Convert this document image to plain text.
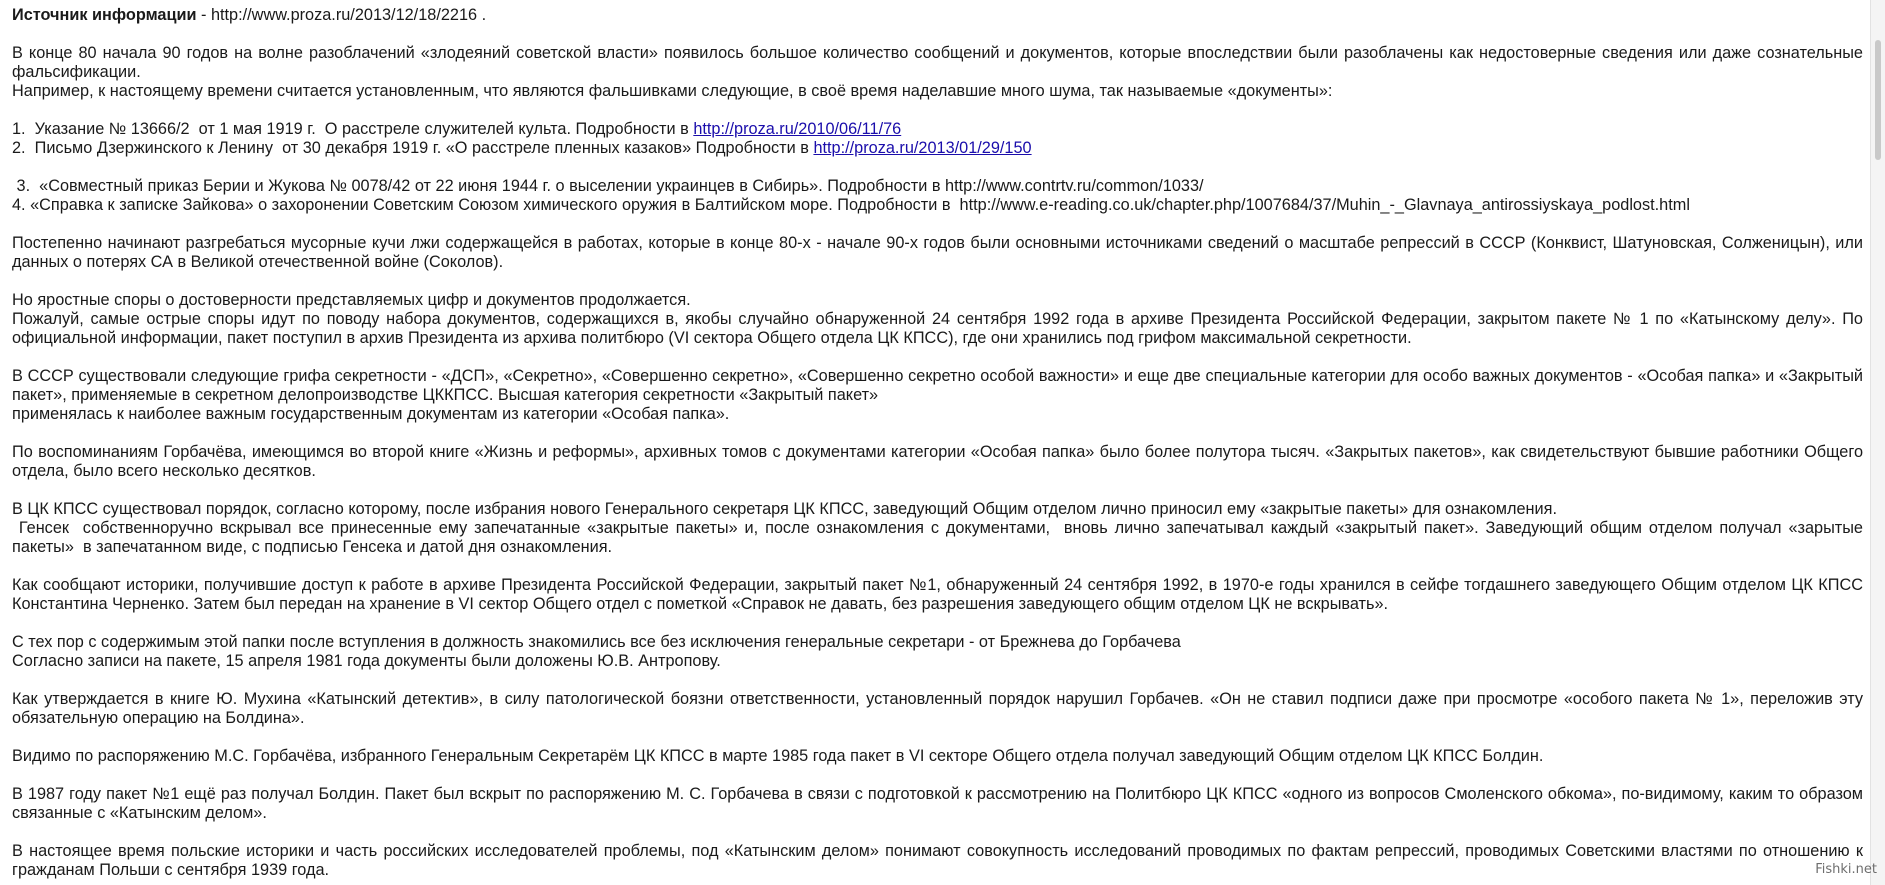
Источник информации - http://www.proza.ru/2013/12/18/2216 .

В конце 80 начала 90 годов на волне разоблачений «злодеяний советской власти» появилось большое количество сообщений и документов, которые впоследствии были разоблачены как недостоверные сведения или даже сознательные фальсификации.

Например, к настоящему времени считается установленным, что являются фальшивками следующие, в своё время наделавшие много шума, так называемые «документы»:

1.  Указание № 13666/2  от 1 мая 1919 г.  О расстреле служителей культа. Подробности в http://proza.ru/2010/06/11/76

2.  Письмо Дзержинского к Ленину  от 30 декабря 1919 г. «О расстреле пленных казаков» Подробности в http://proza.ru/2013/01/29/150

3.  «Совместный приказ Берии и Жукова № 0078/42 от 22 июня 1944 г. о выселении украинцев в Сибирь». Подробности в http://www.contrtv.ru/common/1033/

4. «Справка к записке Зайкова» о захоронении Советским Союзом химического оружия в Балтийском море. Подробности в  http://www.e-reading.co.uk/chapter.php/1007684/37/Muhin_-_Glavnaya_antirossiyskaya_podlost.html

Постепенно начинают разгребаться мусорные кучи лжи содержащейся в работах, которые в конце 80-х - начале 90-х годов были основными источниками сведений о масштабе репрессий в СССР (Конквист, Шатуновская, Солженицын), или данных о потерях СА в Великой отечественной войне (Соколов).

Но яростные споры о достоверности представляемых цифр и документов продолжается.

Пожалуй, самые острые споры идут по поводу набора документов, содержащихся в, якобы случайно обнаруженной 24 сентября 1992 года в архиве Президента Российской Федерации, закрытом пакете № 1 по «Катынскому делу». По официальной информации, пакет поступил в архив Президента из архива политбюро (VI сектора Общего отдела ЦК КПСС), где они хранились под грифом максимальной секретности.

В СССР существовали следующие грифа секретности - «ДСП», «Секретно», «Совершенно секретно», «Совершенно секретно особой важности» и еще две специальные категории для особо важных документов - «Особая папка» и «Закрытый пакет», применяемые в секретном делопроизводстве ЦККПСС. Высшая категория секретности «Закрытый пакет»

применялась к наиболее важным государственным документам из категории «Особая папка».

По воспоминаниям Горбачёва, имеющимся во второй книге «Жизнь и реформы», архивных томов с документами категории «Особая папка» было более полутора тысяч. «Закрытых пакетов», как свидетельствуют бывшие работники Общего отдела, было всего несколько десятков.

В ЦК КПСС существовал порядок, согласно которому, после избрания нового Генерального секретаря ЦК КПСС, заведующий Общим отделом лично приносил ему «закрытые пакеты» для ознакомления.

Генсек  собственноручно вскрывал все принесенные ему запечатанные «закрытые пакеты» и, после ознакомления с документами,  вновь лично запечатывал каждый «закрытый пакет». Заведующий общим отделом получал «зарытые пакеты»  в запечатанном виде, с подписью Генсека и датой дня ознакомления.

Как сообщают историки, получившие доступ к работе в архиве Президента Российской Федерации, закрытый пакет №1, обнаруженный 24 сентября 1992, в 1970-е годы хранился в сейфе тогдашнего заведующего Общим отделом ЦК КПСС Константина Черненко. Затем был передан на хранение в VI сектор Общего отдел с пометкой «Справок не давать, без разрешения заведующего общим отделом ЦК не вскрывать».

С тех пор с содержимым этой папки после вступления в должность знакомились все без исключения генеральные секретари - от Брежнева до Горбачева

Согласно записи на пакете, 15 апреля 1981 года документы были доложены Ю.В. Антропову.

Как утверждается в книге Ю. Мухина «Катынский детектив», в силу патологической боязни ответственности, установленный порядок нарушил Горбачев. «Он не ставил подписи даже при просмотре «особого пакета № 1», переложив эту обязательную операцию на Болдина».

Видимо по распоряжению М.С. Горбачёва, избранного Генеральным Секретарём ЦК КПСС в марте 1985 года пакет в VI секторе Общего отдела получал заведующий Общим отделом ЦК КПСС Болдин.

В 1987 году пакет №1 ещё раз получал Болдин. Пакет был вскрыт по распоряжению М. С. Горбачева в связи с подготовкой к рассмотрению на Политбюро ЦК КПСС «одного из вопросов Смоленского обкома», по-видимому, каким то образом связанные с «Катынским делом».

В настоящее время польские историки и часть российских исследователей проблемы, под «Катынским делом» понимают совокупность исследований проводимых по фактам репрессий, проводимых Советскими властями по отношению к гражданам Польши с сентября 1939 года.	Fishki.net
